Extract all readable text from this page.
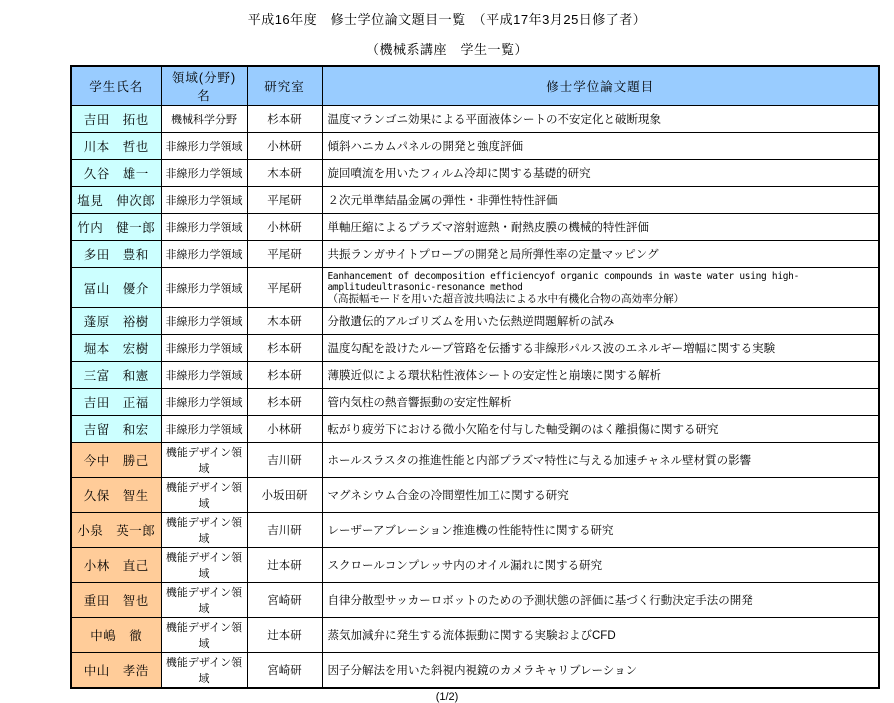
平成16年度　修士学位論文題目一覧　（平成17年3月25日修了者）
（機械系講座　学生一覧）
学生氏名	領域(分野)名	研究室	修士学位論文題目
吉田　拓也	機械科学分野	杉本研	温度マランゴニ効果による平面液体シートの不安定化と破断現象
川本　哲也	非線形力学領域	小林研	傾斜ハニカムパネルの開発と強度評価
久谷　雄一	非線形力学領域	木本研	旋回噴流を用いたフィルム冷却に関する基礎的研究
塩見　伸次郎	非線形力学領域	平尾研	２次元単準結晶金属の弾性・非弾性特性評価
竹内　健一郎	非線形力学領域	小林研	単軸圧縮によるプラズマ溶射遮熱・耐熱皮膜の機械的特性評価
多田　豊和	非線形力学領域	平尾研	共振ランガサイトプローブの開発と局所弾性率の定量マッピング
冨山　優介	非線形力学領域	平尾研	Eanhancement of decomposition efficiencyof organic compounds in waste water using high-amplitudeultrasonic-resonance method
（高振幅モードを用いた超音波共鳴法による水中有機化合物の高効率分解）

蓬原　裕樹	非線形力学領域	木本研	分散遺伝的アルゴリズムを用いた伝熱逆問題解析の試み
堀本　宏樹	非線形力学領域	杉本研	温度勾配を設けたループ管路を伝播する非線形パルス波のエネルギー増幅に関する実験
三富　和憲	非線形力学領域	杉本研	薄膜近似による環状粘性液体シートの安定性と崩壊に関する解析
吉田　正福	非線形力学領域	杉本研	管内気柱の熱音響振動の安定性解析
吉留　和宏	非線形力学領域	小林研	転がり疲労下における微小欠陥を付与した軸受鋼のはく離損傷に関する研究
今中　勝己	機能デザイン領域	吉川研	ホールスラスタの推進性能と内部プラズマ特性に与える加速チャネル壁材質の影響
久保　智生	機能デザイン領域	小坂田研	マグネシウム合金の冷間塑性加工に関する研究
小泉　英一郎	機能デザイン領域	吉川研	レーザーアブレーション推進機の性能特性に関する研究
小林　直己	機能デザイン領域	辻本研	スクロールコンプレッサ内のオイル漏れに関する研究
重田　智也	機能デザイン領域	宮崎研	自律分散型サッカーロボットのための予測状態の評価に基づく行動決定手法の開発
中嶋　徹	機能デザイン領域	辻本研	蒸気加減弁に発生する流体振動に関する実験およびCFD
中山　孝浩	機能デザイン領域	宮崎研	因子分解法を用いた斜視内視鏡のカメラキャリブレーション
(1/2)
